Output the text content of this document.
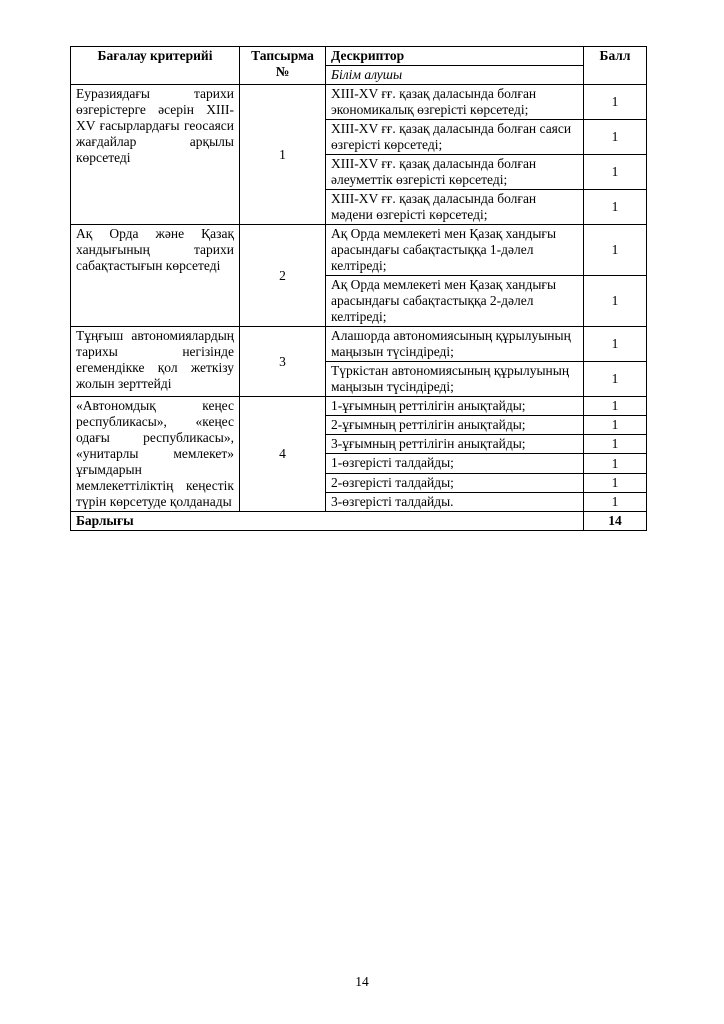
Бағалау критерийі	Тапсырма №	Дескриптор	Балл
		Білім алушы	
Еуразиядағы тарихи өзгерістерге әсерін XIII-XV ғасырлардағы геосаяси жағдайлар арқылы көрсетеді	1	XIII-XV ғғ. қазақ даласында болған экономикалық өзгерісті көрсетеді;	1
		XIII-XV ғғ. қазақ даласында болған саяси өзгерісті көрсетеді;	1
		XIII-XV ғғ. қазақ даласында болған әлеуметтік өзгерісті көрсетеді;	1
		XIII-XV ғғ. қазақ даласында болған мәдени өзгерісті көрсетеді;	1
Ақ Орда және Қазақ хандығының тарихи сабақтастығын көрсетеді	2	Ақ Орда мемлекеті мен Қазақ хандығы арасындағы сабақтастыққа 1-дәлел келтіреді;	1
		Ақ Орда мемлекеті мен Қазақ хандығы арасындағы сабақтастыққа 2-дәлел келтіреді;	1
Тұңғыш автономиялардың тарихы негізінде егемендікке қол жеткізу жолын зерттейді	3	Алашорда автономиясының құрылуының маңызын түсіндіреді;	1
		Түркістан автономиясының құрылуының маңызын түсіндіреді;	1
«Автономдық кеңес республикасы», «кеңес одағы республикасы», «унитарлы мемлекет» ұғымдарын мемлекеттіліктің кеңестік түрін көрсетуде қолданады	4	1-ұғымның реттілігін анықтайды;	1
		2-ұғымның реттілігін анықтайды;	1
		3-ұғымның реттілігін анықтайды;	1
		1-өзгерісті талдайды;	1
		2-өзгерісті талдайды;	1
		3-өзгерісті талдайды.	1
Барлығы			14
14
